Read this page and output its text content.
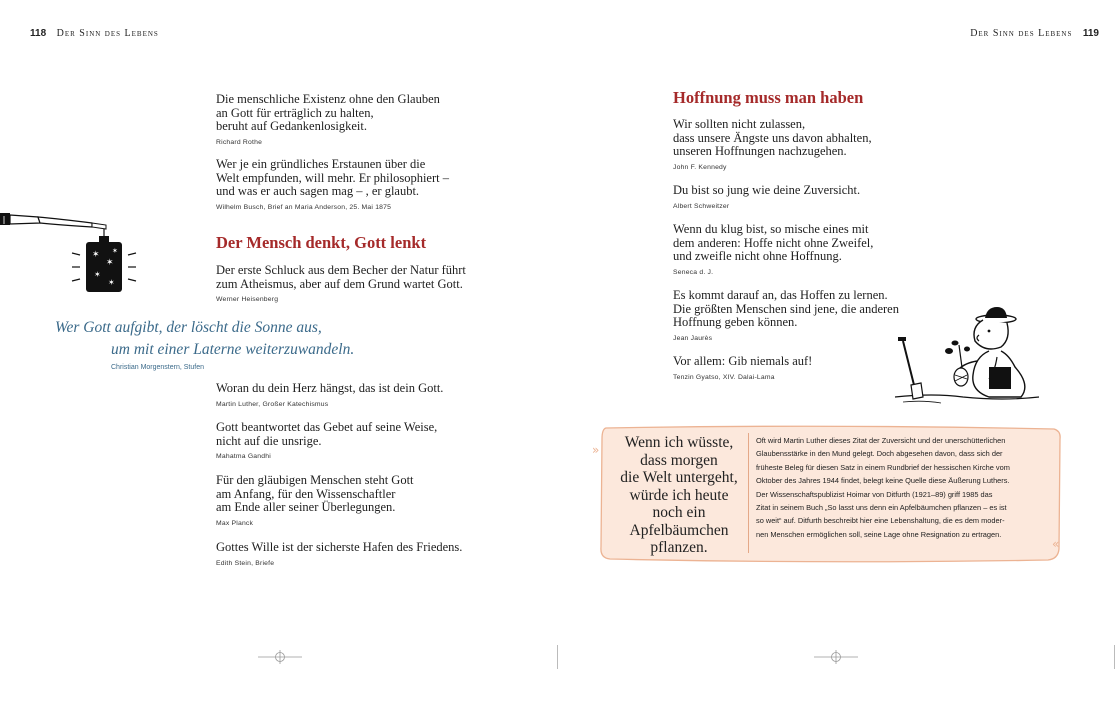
118 Der Sinn des Lebens	Der Sinn des Lebens 119
Die menschliche Existenz ohne den Glauben
an Gott für erträglich zu halten,
beruht auf Gedankenlosigkeit.
Richard Rothe
Wer je ein gründliches Erstaunen über die
Welt empfunden, will mehr. Er philosophiert –
und was er auch sagen mag – , er glaubt.
Wilhelm Busch, Brief an Maria Anderson, 25. Mai 1875
Der Mensch denkt, Gott lenkt
Der erste Schluck aus dem Becher der Natur führt
zum Atheismus, aber auf dem Grund wartet Gott.
Werner Heisenberg
✶
✶
✶
✶
✶
Wer Gott aufgibt, der löscht die Sonne aus,
um mit einer Laterne weiterzuwandeln.
Christian Morgenstern, Stufen
Woran du dein Herz hängst, das ist dein Gott.
Martin Luther, Großer Katechismus
Gott beantwortet das Gebet auf seine Weise,
nicht auf die unsrige.
Mahatma Gandhi
Für den gläubigen Menschen steht Gott
am Anfang, für den Wissenschaftler
am Ende aller seiner Überlegungen.
Max Planck
Gottes Wille ist der sicherste Hafen des Friedens.
Edith Stein, Briefe
Hoffnung muss man haben
Wir sollten nicht zulassen,
dass unsere Ängste uns davon abhalten,
unseren Hoffnungen nachzugehen.
John F. Kennedy
Du bist so jung wie deine Zuversicht.
Albert Schweitzer
Wenn du klug bist, so mische eines mit
dem anderen: Hoffe nicht ohne Zweifel,
und zweifle nicht ohne Hoffnung.
Seneca d. J.
Es kommt darauf an, das Hoffen zu lernen.
Die größten Menschen sind jene, die anderen
Hoffnung geben können.
Jean Jaurès
Vor allem: Gib niemals auf!
Tenzin Gyatso, XIV. Dalai-Lama
»
«
Wenn ich wüsste,
dass morgen
die Welt untergeht,
würde ich heute
noch ein
Apfelbäumchen
pflanzen.
Oft wird Martin Luther dieses Zitat der Zuversicht und der unerschütterlichen
Glaubensstärke in den Mund gelegt. Doch abgesehen davon, dass sich der
früheste Beleg für diesen Satz in einem Rundbrief der hessischen Kirche vom
Oktober des Jahres 1944 findet, belegt keine Quelle diese Äußerung Luthers.
Der Wissenschaftspublizist Hoimar von Ditfurth (1921–89) griff 1985 das
Zitat in seinem Buch „So lasst uns denn ein Apfelbäumchen pflanzen – es ist
so weit“ auf. Ditfurth beschreibt hier eine Lebenshaltung, die es dem moder-
nen Menschen ermöglichen soll, seine Lage ohne Resignation zu ertragen.
